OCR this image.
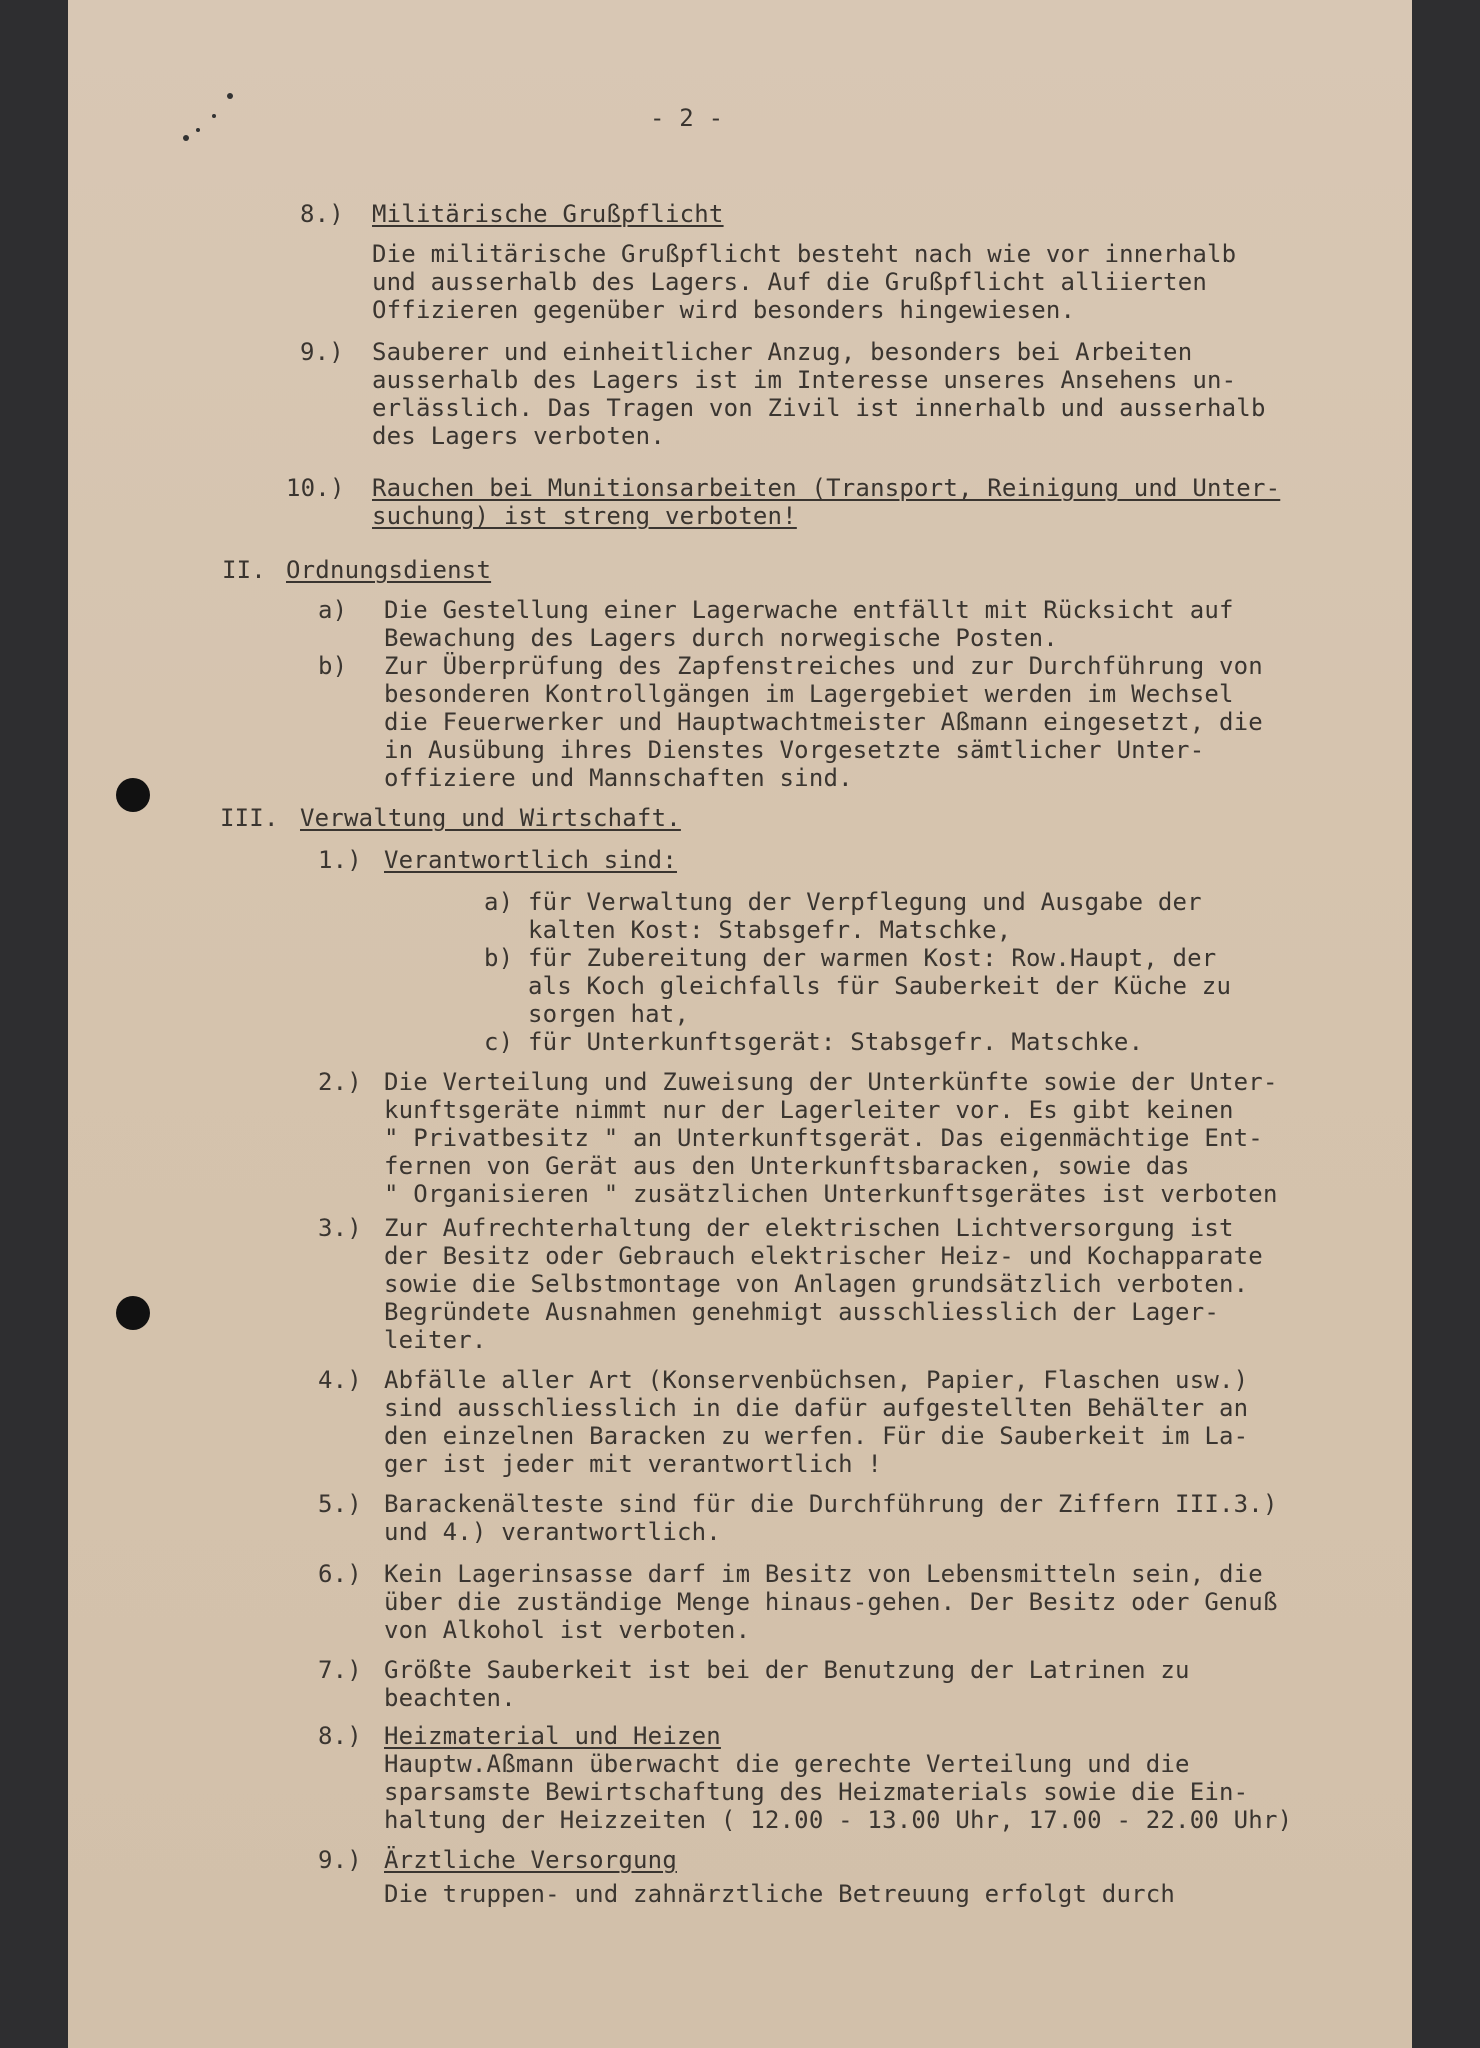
- 2 -
8.) Militärische Grußpflicht
Die militärische Grußpflicht besteht nach wie vor innerhalb
und ausserhalb des Lagers. Auf die Grußpflicht alliierten
Offizieren gegenüber wird besonders hingewiesen.
9.) Sauberer und einheitlicher Anzug, besonders bei Arbeiten
ausserhalb des Lagers ist im Interesse unseres Ansehens un-
erlässlich. Das Tragen von Zivil ist innerhalb und ausserhalb
des Lagers verboten.
10.) Rauchen bei Munitionsarbeiten (Transport, Reinigung und Unter-
suchung) ist streng verboten!
II. Ordnungsdienst
a) Die Gestellung einer Lagerwache entfällt mit Rücksicht auf
Bewachung des Lagers durch norwegische Posten.
b) Zur Überprüfung des Zapfenstreiches und zur Durchführung von
besonderen Kontrollgängen im Lagergebiet werden im Wechsel
die Feuerwerker und Hauptwachtmeister Aßmann eingesetzt, die
in Ausübung ihres Dienstes Vorgesetzte sämtlicher Unter-
offiziere und Mannschaften sind.
III. Verwaltung und Wirtschaft.
1.) Verantwortlich sind:
a) für Verwaltung der Verpflegung und Ausgabe der
kalten Kost: Stabsgefr. Matschke,
b) für Zubereitung der warmen Kost: Row.Haupt, der
als Koch gleichfalls für Sauberkeit der Küche zu
sorgen hat,
c) für Unterkunftsgerät: Stabsgefr. Matschke.
2.) Die Verteilung und Zuweisung der Unterkünfte sowie der Unter-
kunftsgeräte nimmt nur der Lagerleiter vor. Es gibt keinen
" Privatbesitz " an Unterkunftsgerät. Das eigenmächtige Ent-
fernen von Gerät aus den Unterkunftsbaracken, sowie das
" Organisieren " zusätzlichen Unterkunftsgerätes ist verboten
3.) Zur Aufrechterhaltung der elektrischen Lichtversorgung ist
der Besitz oder Gebrauch elektrischer Heiz- und Kochapparate
sowie die Selbstmontage von Anlagen grundsätzlich verboten.
Begründete Ausnahmen genehmigt ausschliesslich der Lager-
leiter.
4.) Abfälle aller Art (Konservenbüchsen, Papier, Flaschen usw.)
sind ausschliesslich in die dafür aufgestellten Behälter an
den einzelnen Baracken zu werfen. Für die Sauberkeit im La-
ger ist jeder mit verantwortlich !
5.) Barackenälteste sind für die Durchführung der Ziffern III.3.)
und 4.) verantwortlich.
6.) Kein Lagerinsasse darf im Besitz von Lebensmitteln sein, die
über die zuständige Menge hinaus-gehen. Der Besitz oder Genuß
von Alkohol ist verboten.
7.) Größte Sauberkeit ist bei der Benutzung der Latrinen zu
beachten.
8.) Heizmaterial und Heizen
Hauptw.Aßmann überwacht die gerechte Verteilung und die
sparsamste Bewirtschaftung des Heizmaterials sowie die Ein-
haltung der Heizzeiten ( 12.00 - 13.00 Uhr, 17.00 - 22.00 Uhr)
9.) Ärztliche Versorgung
Die truppen- und zahnärztliche Betreuung erfolgt durch
